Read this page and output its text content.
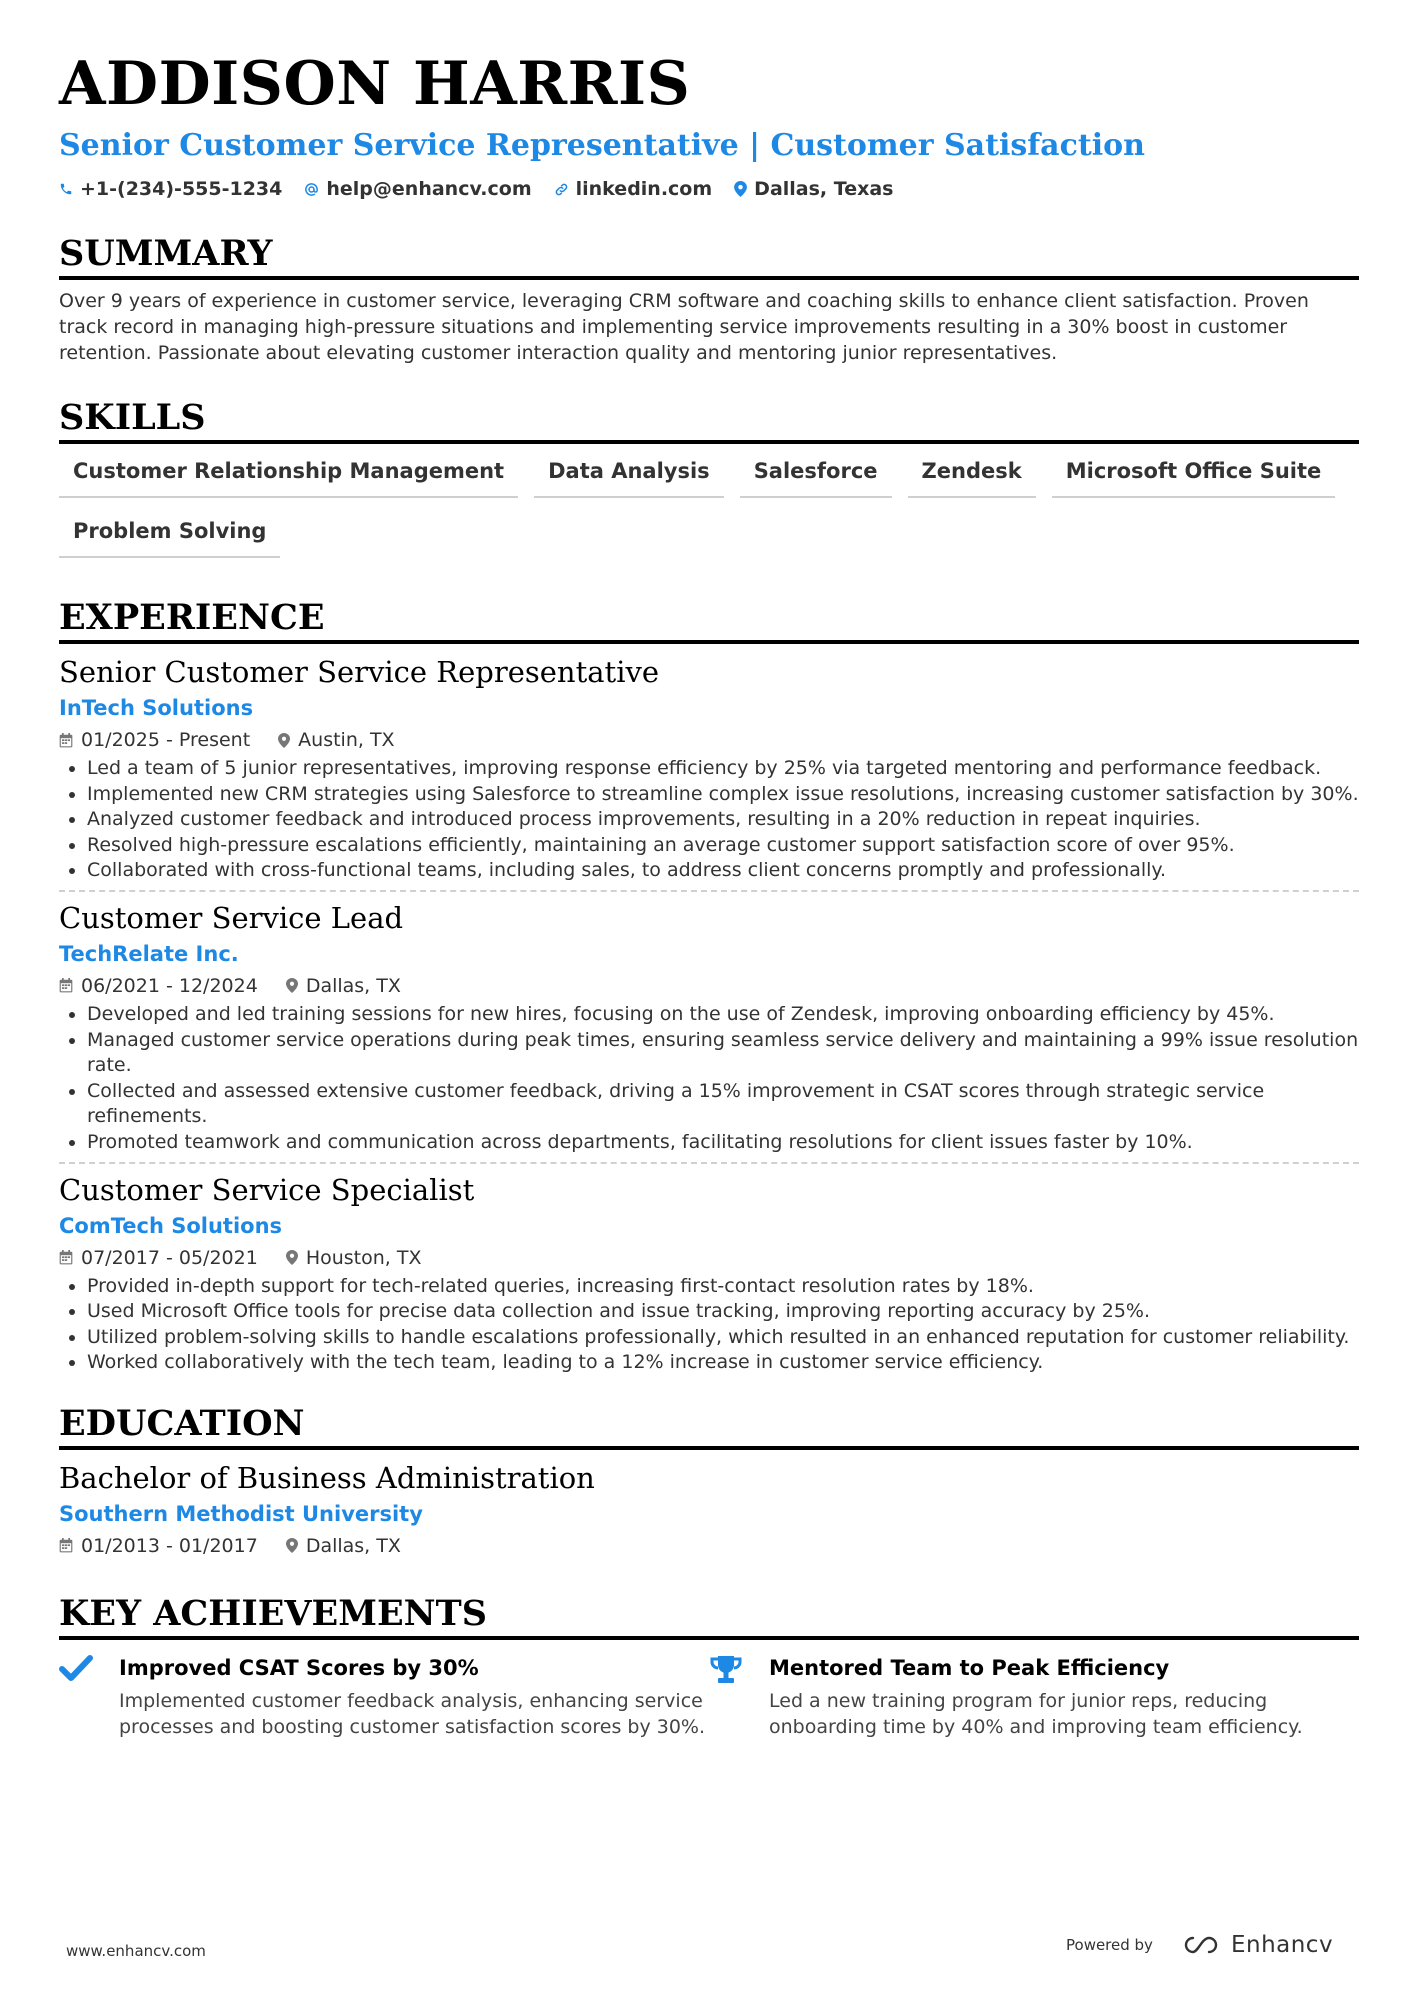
ADDISON HARRIS
Senior Customer Service Representative | Customer Satisfaction
+1-(234)-555-1234 help@enhancv.com linkedin.com Dallas, Texas
SUMMARY
Over 9 years of experience in customer service, leveraging CRM software and coaching skills to enhance client satisfaction. Proven track record in managing high-pressure situations and implementing service improvements resulting in a 30% boost in customer retention. Passionate about elevating customer interaction quality and mentoring junior representatives.
SKILLS
Customer Relationship Management	Data Analysis	Salesforce	Zendesk	Microsoft Office Suite
Problem Solving
EXPERIENCE
Senior Customer Service Representative
InTech Solutions
01/2025 - Present	Austin, TX
• Led a team of 5 junior representatives, improving response efficiency by 25% via targeted mentoring and performance feedback.
• Implemented new CRM strategies using Salesforce to streamline complex issue resolutions, increasing customer satisfaction by 30%.
• Analyzed customer feedback and introduced process improvements, resulting in a 20% reduction in repeat inquiries.
• Resolved high-pressure escalations efficiently, maintaining an average customer support satisfaction score of over 95%.
• Collaborated with cross-functional teams, including sales, to address client concerns promptly and professionally.
Customer Service Lead
TechRelate Inc.
06/2021 - 12/2024	Dallas, TX
• Developed and led training sessions for new hires, focusing on the use of Zendesk, improving onboarding efficiency by 45%.
• Managed customer service operations during peak times, ensuring seamless service delivery and maintaining a 99% issue resolution rate.
• Collected and assessed extensive customer feedback, driving a 15% improvement in CSAT scores through strategic service refinements.
• Promoted teamwork and communication across departments, facilitating resolutions for client issues faster by 10%.
Customer Service Specialist
ComTech Solutions
07/2017 - 05/2021	Houston, TX
• Provided in-depth support for tech-related queries, increasing first-contact resolution rates by 18%.
• Used Microsoft Office tools for precise data collection and issue tracking, improving reporting accuracy by 25%.
• Utilized problem-solving skills to handle escalations professionally, which resulted in an enhanced reputation for customer reliability.
• Worked collaboratively with the tech team, leading to a 12% increase in customer service efficiency.
EDUCATION
Bachelor of Business Administration
Southern Methodist University
01/2013 - 01/2017	Dallas, TX
KEY ACHIEVEMENTS
Improved CSAT Scores by 30%
Implemented customer feedback analysis, enhancing service processes and boosting customer satisfaction scores by 30%.
Mentored Team to Peak Efficiency
Led a new training program for junior reps, reducing onboarding time by 40% and improving team efficiency.
www.enhancv.com	Powered by	Enhancv
